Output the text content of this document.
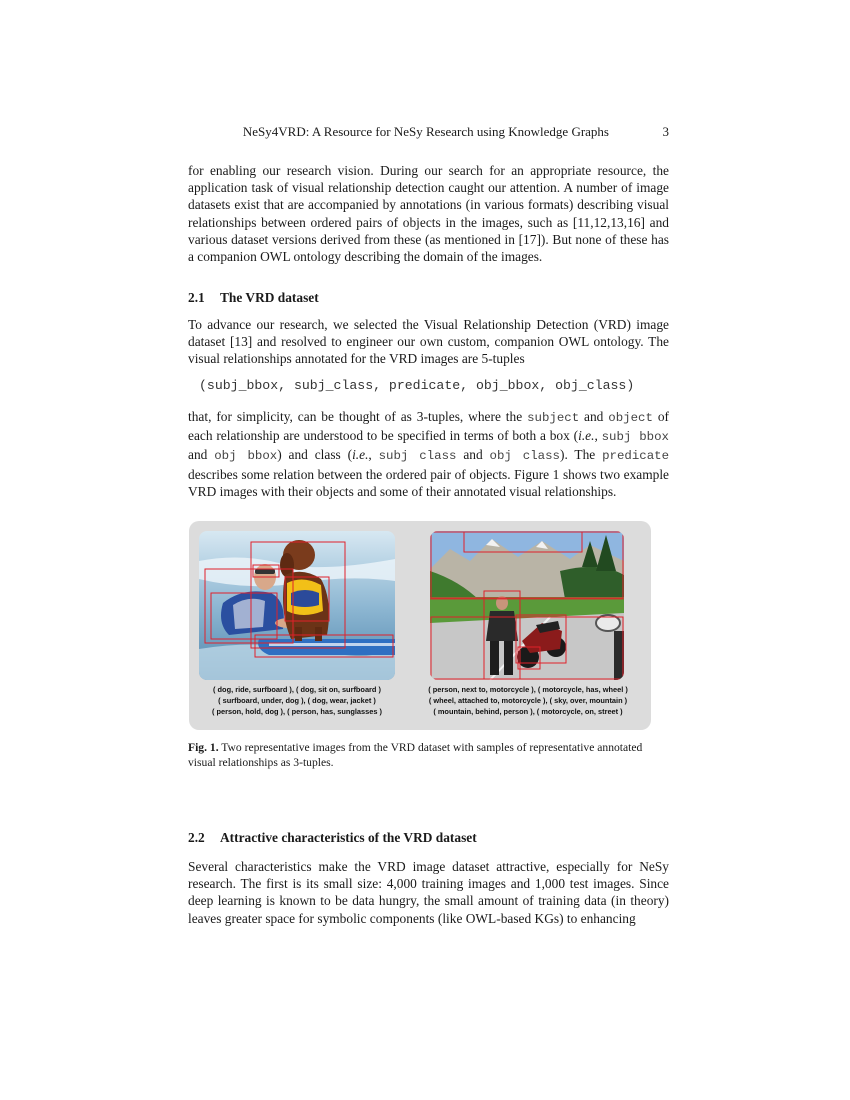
NeSy4VRD: A Resource for NeSy Research using Knowledge Graphs	3

for enabling our research vision. During our search for an appropriate resource, the application task of visual relationship detection caught our attention. A number of image datasets exist that are accompanied by annotations (in various formats) describing visual relationships between ordered pairs of objects in the images, such as [11,12,13,16] and various dataset versions derived from these (as mentioned in [17]). But none of these has a companion OWL ontology describing the domain of the images.

2.1 The VRD dataset

To advance our research, we selected the Visual Relationship Detection (VRD) image dataset [13] and resolved to engineer our own custom, companion OWL ontology. The visual relationships annotated for the VRD images are 5-tuples

(subj_bbox, subj_class, predicate, obj_bbox, obj_class)

that, for simplicity, can be thought of as 3-tuples, where the subject and object of each relationship are understood to be specified in terms of both a box (i.e., subj bbox and obj bbox) and class (i.e., subj class and obj class). The predicate describes some relation between the ordered pair of objects. Figure 1 shows two example VRD images with their objects and some of their annotated visual relationships.

( dog, ride, surfboard ), ( dog, sit on, surfboard )
( surfboard, under, dog ), ( dog, wear, jacket )
( person, hold, dog ), ( person, has, sunglasses )
( person, next to, motorcycle ), ( motorcycle, has, wheel )
( wheel, attached to, motorcycle ), ( sky, over, mountain )
( mountain, behind, person ), ( motorcycle, on, street )

Fig. 1. Two representative images from the VRD dataset with samples of representative annotated visual relationships as 3-tuples.

2.2 Attractive characteristics of the VRD dataset

Several characteristics make the VRD image dataset attractive, especially for NeSy research. The first is its small size: 4,000 training images and 1,000 test images. Since deep learning is known to be data hungry, the small amount of training data (in theory) leaves greater space for symbolic components (like OWL-based KGs) to enhancing
